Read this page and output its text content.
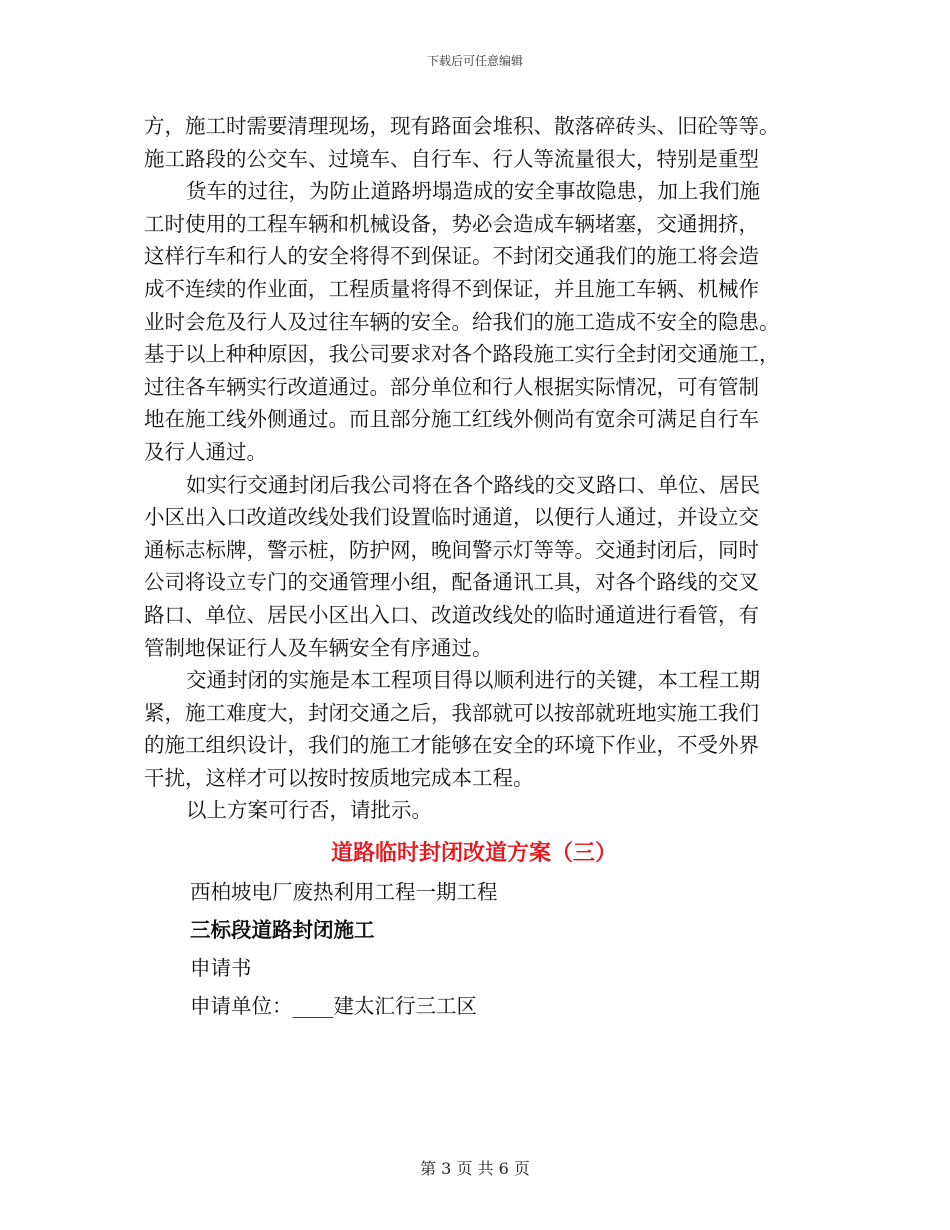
下载后可任意编辑
方，施工时需要清理现场，现有路面会堆积、散落碎砖头、旧砼等等。
施工路段的公交车、过境车、自行车、行人等流量很大，特别是重型
货车的过往，为防止道路坍塌造成的安全事故隐患，加上我们施
工时使用的工程车辆和机械设备，势必会造成车辆堵塞，交通拥挤，
这样行车和行人的安全将得不到保证。不封闭交通我们的施工将会造
成不连续的作业面，工程质量将得不到保证，并且施工车辆、机械作
业时会危及行人及过往车辆的安全。给我们的施工造成不安全的隐患。
基于以上种种原因，我公司要求对各个路段施工实行全封闭交通施工，
过往各车辆实行改道通过。部分单位和行人根据实际情况，可有管制
地在施工线外侧通过。而且部分施工红线外侧尚有宽余可满足自行车
及行人通过。
如实行交通封闭后我公司将在各个路线的交叉路口、单位、居民
小区出入口改道改线处我们设置临时通道，以便行人通过，并设立交
通标志标牌，警示桩，防护网，晚间警示灯等等。交通封闭后，同时
公司将设立专门的交通管理小组，配备通讯工具，对各个路线的交叉
路口、单位、居民小区出入口、改道改线处的临时通道进行看管，有
管制地保证行人及车辆安全有序通过。
交通封闭的实施是本工程项目得以顺利进行的关键，本工程工期
紧，施工难度大，封闭交通之后，我部就可以按部就班地实施工我们
的施工组织设计，我们的施工才能够在安全的环境下作业，不受外界
干扰，这样才可以按时按质地完成本工程。
以上方案可行否，请批示。
道路临时封闭改道方案（三）
西柏坡电厂废热利用工程一期工程
三标段道路封闭施工
申请书
申请单位：____建太汇行三工区
第 3 页 共 6 页
